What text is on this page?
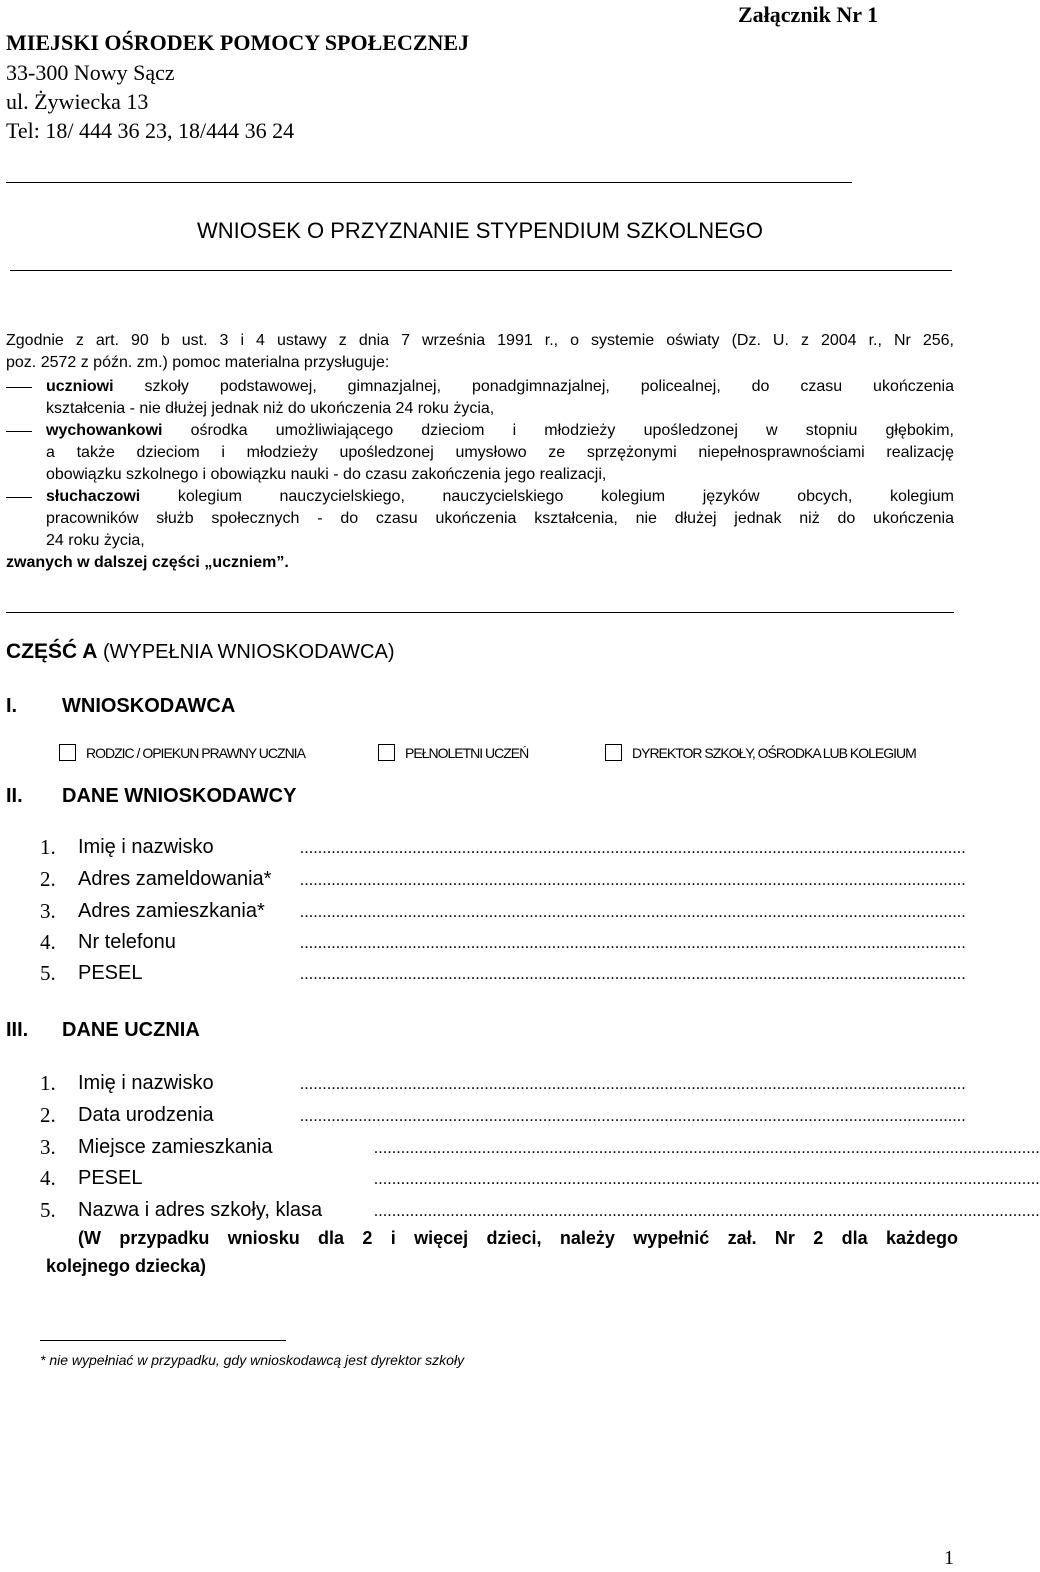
Załącznik Nr 1
MIEJSKI OŚRODEK POMOCY SPOŁECZNEJ
33-300 Nowy Sącz
ul. Żywiecka 13
Tel: 18/ 444 36 23, 18/444 36 24
WNIOSEK O PRZYZNANIE STYPENDIUM SZKOLNEGO
Zgodnie z art. 90 b ust. 3 i 4 ustawy z dnia 7 września 1991 r., o systemie oświaty (Dz. U. z 2004 r., Nr 256,
poz. 2572 z późn. zm.) pomoc materialna przysługuje:
uczniowi szkoły podstawowej, gimnazjalnej, ponadgimnazjalnej, policealnej, do czasu ukończenia
kształcenia - nie dłużej jednak niż do ukończenia 24 roku życia,
wychowankowi ośrodka umożliwiającego dzieciom i młodzieży upośledzonej w stopniu głębokim,
a także dzieciom i młodzieży upośledzonej umysłowo ze sprzężonymi niepełnosprawnościami realizację
obowiązku szkolnego i obowiązku nauki - do czasu zakończenia jego realizacji,
słuchaczowi kolegium nauczycielskiego, nauczycielskiego kolegium języków obcych, kolegium
pracowników służb społecznych - do czasu ukończenia kształcenia, nie dłużej jednak niż do ukończenia
24 roku życia,
zwanych w dalszej części „uczniem”.
CZĘŚĆ A (WYPEŁNIA WNIOSKODAWCA)
I. WNIOSKODAWCA
RODZIC / OPIEKUN PRAWNY UCZNIA	PEŁNOLETNI UCZEŃ	DYREKTOR SZKOŁY, OŚRODKA LUB KOLEGIUM
II. DANE WNIOSKODAWCY
1. Imię i nazwisko	....................................................................................................................................................
2. Adres zameldowania* ....................................................................................................................................................
3. Adres zamieszkania* ....................................................................................................................................................
4. Nr telefonu	....................................................................................................................................................
5. PESEL	....................................................................................................................................................
III. DANE UCZNIA
1. Imię i nazwisko	....................................................................................................................................................
2. Data urodzenia	....................................................................................................................................................
3. Miejsce zamieszkania	....................................................................................................................................................
4. PESEL	....................................................................................................................................................
5. Nazwa i adres szkoły, klasa	....................................................................................................................................................
(W przypadku wniosku dla 2 i więcej dzieci, należy wypełnić zał. Nr 2 dla każdego
kolejnego dziecka)
* nie wypełniać w przypadku, gdy wnioskodawcą jest dyrektor szkoły
1
